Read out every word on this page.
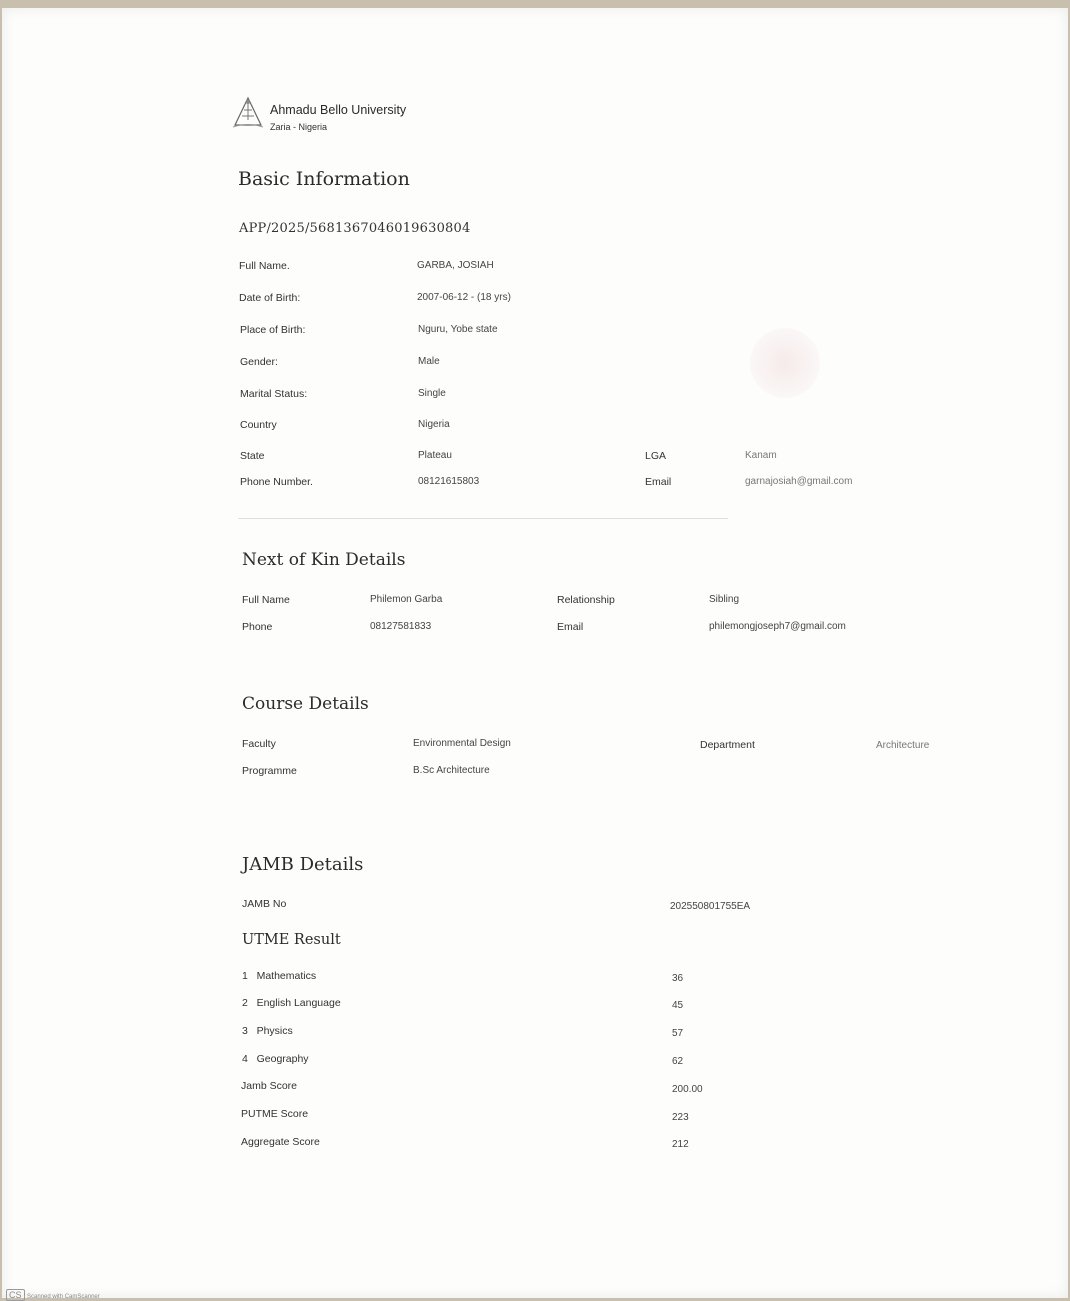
Ahmadu Bello University
Zaria - Nigeria
Basic Information
APP/2025/5681367046019630804
Full Name.	GARBA, JOSIAH
Date of Birth:	2007-06-12 - (18 yrs)
Place of Birth:	Nguru, Yobe state
Gender:	Male
Marital Status:	Single
Country	Nigeria
State	Plateau	LGA	Kanam
Phone Number.	08121615803	Email	garnajosiah@gmail.com
Next of Kin Details
Full Name	Philemon Garba	Relationship	Sibling
Phone	08127581833	Email	philemongjoseph7@gmail.com
Course Details
Faculty	Environmental Design	Department	Architecture
Programme	B.Sc Architecture
JAMB Details
JAMB No	202550801755EA
UTME Result
1   Mathematics	36
2   English Language	45
3   Physics	57
4   Geography	62
Jamb Score	200.00
PUTME Score	223
Aggregate Score	212
CS Scanned with CamScanner
